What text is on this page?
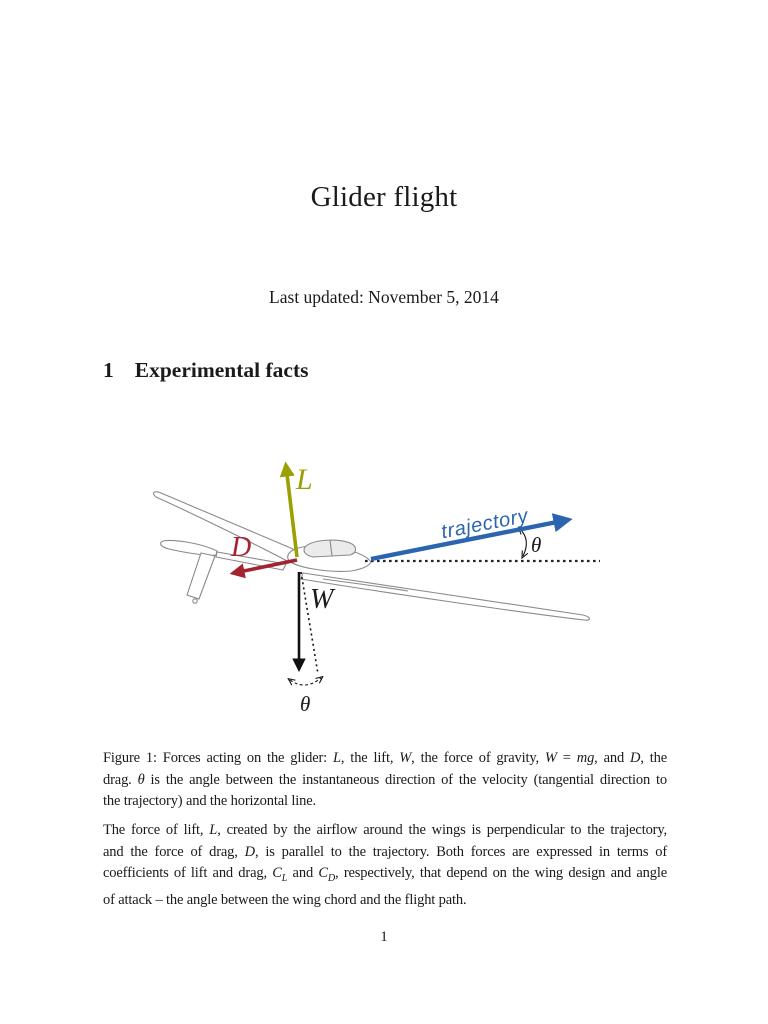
Glider flight
Last updated: November 5, 2014
1 Experimental facts
L
D
W
trajectory
θ
θ
Figure 1: Forces acting on the glider: L, the lift, W, the force of gravity, W = mg, and D, the
drag. θ is the angle between the instantaneous direction of the velocity (tangential direction to
the trajectory) and the horizontal line.
The force of lift, L, created by the airflow around the wings is perpendicular to the trajectory,
and the force of drag, D, is parallel to the trajectory. Both forces are expressed in terms of
coefficients of lift and drag, $C_L$ and $C_D$, respectively, that depend on the wing design and angle
of attack – the angle between the wing chord and the flight path.
1
